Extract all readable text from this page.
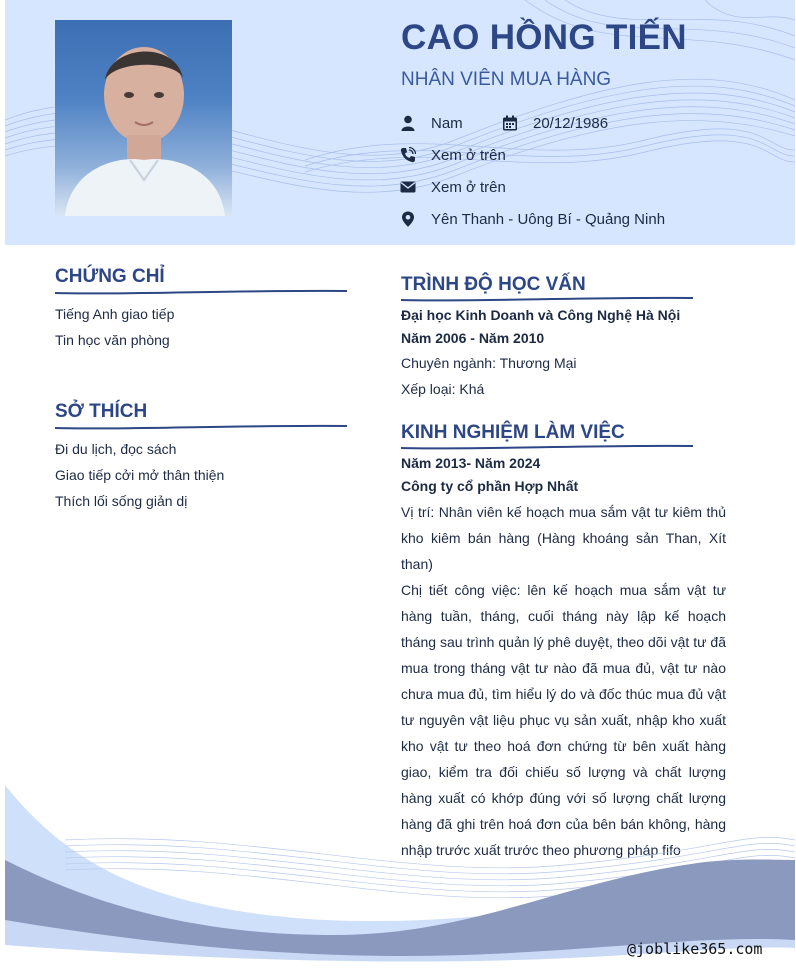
CAO HỒNG TIẾN
NHÂN VIÊN MUA HÀNG
Nam	20/12/1986
Xem ở trên
Xem ở trên
Yên Thanh - Uông Bí - Quảng Ninh
CHỨNG CHỈ
Tiếng Anh giao tiếp
Tin học văn phòng
SỞ THÍCH
Đi du lịch, đọc sách
Giao tiếp cởi mở thân thiện
Thích lối sống giản dị
TRÌNH ĐỘ HỌC VẤN
Đại học Kinh Doanh và Công Nghệ Hà Nội
Năm 2006 - Năm 2010
Chuyên ngành: Thương Mại
Xếp loại: Khá
KINH NGHIỆM LÀM VIỆC
Năm 2013- Năm 2024
Công ty cổ phần Hợp Nhất
Vị trí: Nhân viên kế hoạch mua sắm vật tư kiêm thủ kho kiêm bán hàng (Hàng khoáng sản Than, Xít than)
Chị tiết công việc: lên kế hoạch mua sắm vật tư hàng tuần, tháng, cuối tháng này lập kế hoạch tháng sau trình quản lý phê duyệt, theo dõi vật tư đã mua trong tháng vật tư nào đã mua đủ, vật tư nào chưa mua đủ, tìm hiểu lý do và đốc thúc mua đủ vật tư nguyên vật liệu phục vụ sản xuất, nhập kho xuất kho vật tư theo hoá đơn chứng từ bên xuất hàng giao, kiểm tra đối chiếu số lượng và chất lượng hàng xuất có khớp đúng với số lượng chất lượng hàng đã ghi trên hoá đơn của bên bán không, hàng nhập trước xuất trước theo phương pháp fifo
@joblike365.com
